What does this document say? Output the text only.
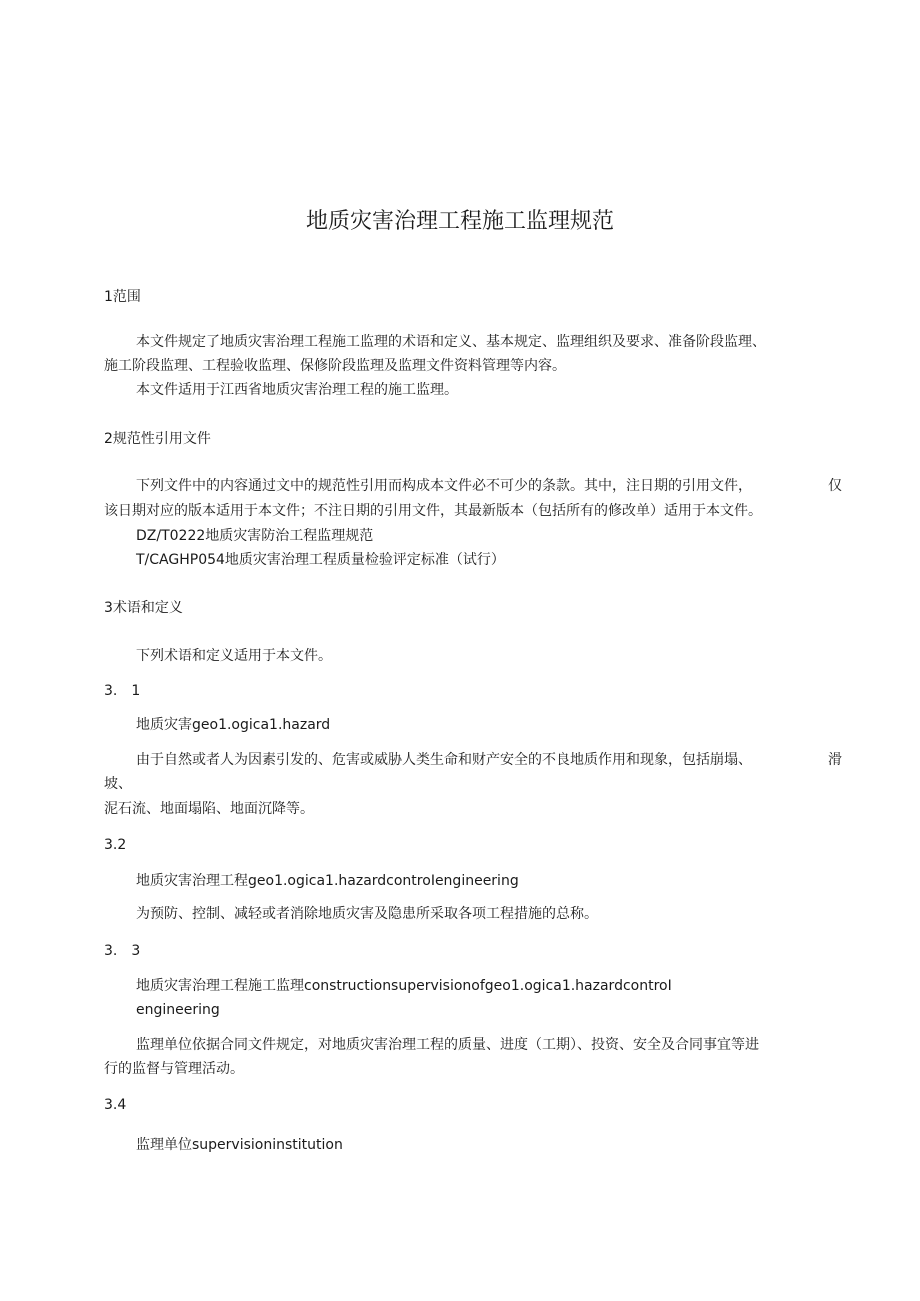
地质灾害治理工程施工监理规范
1范围
本文件规定了地质灾害治理工程施工监理的术语和定义、基本规定、监理组织及要求、准备阶段监理、
施工阶段监理、工程验收监理、保修阶段监理及监理文件资料管理等内容。
本文件适用于江西省地质灾害治理工程的施工监理。
2规范性引用文件
下列文件中的内容通过文中的规范性引用而构成本文件必不可少的条款。其中，注日期的引用文件，	仅
该日期对应的版本适用于本文件；不注日期的引用文件，其最新版本（包括所有的修改单）适用于本文件。
DZ/T0222地质灾害防治工程监理规范
T/CAGHP054地质灾害治理工程质量检验评定标准（试行）
3术语和定义
下列术语和定义适用于本文件。
3.　1
地质灾害geo1.ogica1.hazard
由于自然或者人为因素引发的、危害或威胁人类生命和财产安全的不良地质作用和现象，包括崩塌、	滑
坡、
泥石流、地面塌陷、地面沉降等。
3.2
地质灾害治理工程geo1.ogica1.hazardcontroIengineering
为预防、控制、减轻或者消除地质灾害及隐患所采取各项工程措施的总称。
3.　3
地质灾害治理工程施工监理constructionsupervisionofgeo1.ogica1.hazardcontroI
engineering
监理单位依据合同文件规定，对地质灾害治理工程的质量、进度（工期）、投资、安全及合同事宜等进
行的监督与管理活动。
3.4
监理单位supervisioninstitution
